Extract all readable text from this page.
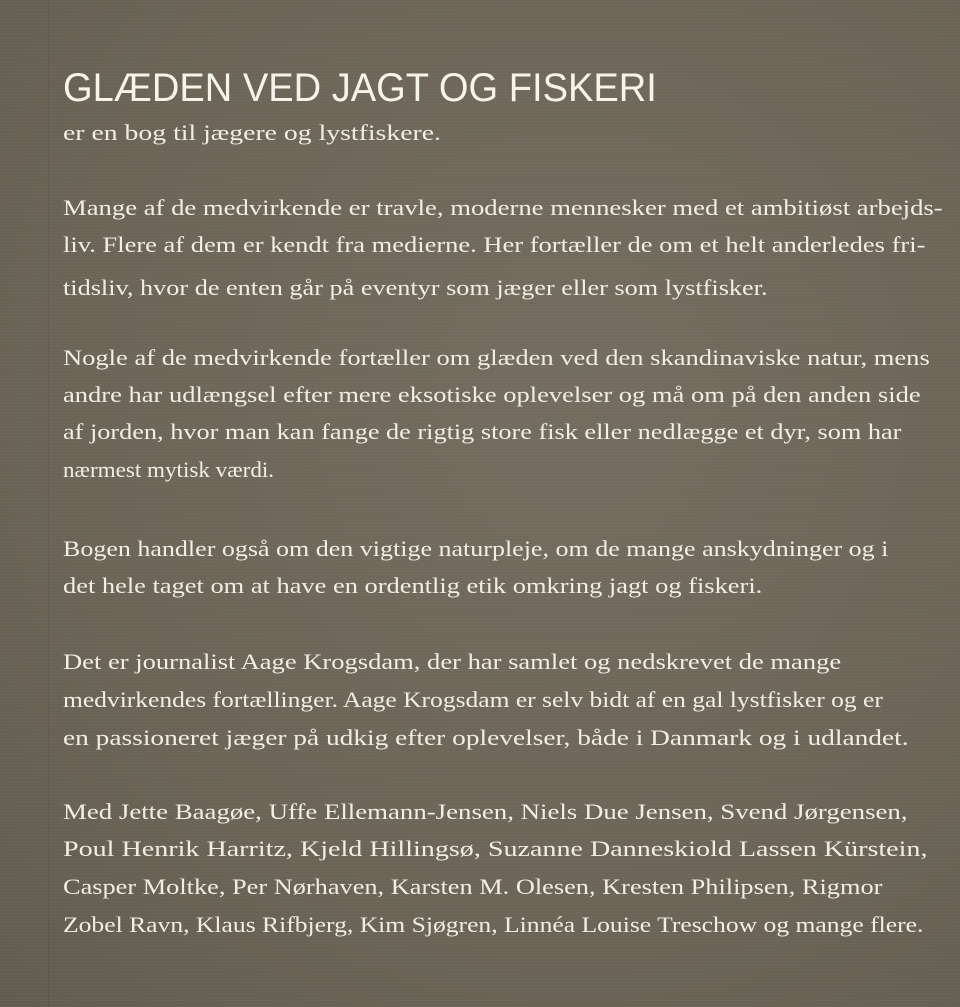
GLÆDEN VED JAGT OG FISKERI
er en bog til jægere og lystfiskere.
Mange af de medvirkende er travle, moderne mennesker med et ambitiøst arbejds-
liv. Flere af dem er kendt fra medierne. Her fortæller de om et helt anderledes fri-
tidsliv, hvor de enten går på eventyr som jæger eller som lystfisker.
Nogle af de medvirkende fortæller om glæden ved den skandinaviske natur, mens
andre har udlængsel efter mere eksotiske oplevelser og må om på den anden side
af jorden, hvor man kan fange de rigtig store fisk eller nedlægge et dyr, som har
nærmest mytisk værdi.
Bogen handler også om den vigtige naturpleje, om de mange anskydninger og i
det hele taget om at have en ordentlig etik omkring jagt og fiskeri.
Det er journalist Aage Krogsdam, der har samlet og nedskrevet de mange
medvirkendes fortællinger. Aage Krogsdam er selv bidt af en gal lystfisker og er
en passioneret jæger på udkig efter oplevelser, både i Danmark og i udlandet.
Med Jette Baagøe, Uffe Ellemann-Jensen, Niels Due Jensen, Svend Jørgensen,
Poul Henrik Harritz, Kjeld Hillingsø, Suzanne Danneskiold Lassen Kürstein,
Casper Moltke, Per Nørhaven, Karsten M. Olesen, Kresten Philipsen, Rigmor
Zobel Ravn, Klaus Rifbjerg, Kim Sjøgren, Linnéa Louise Treschow og mange flere.
